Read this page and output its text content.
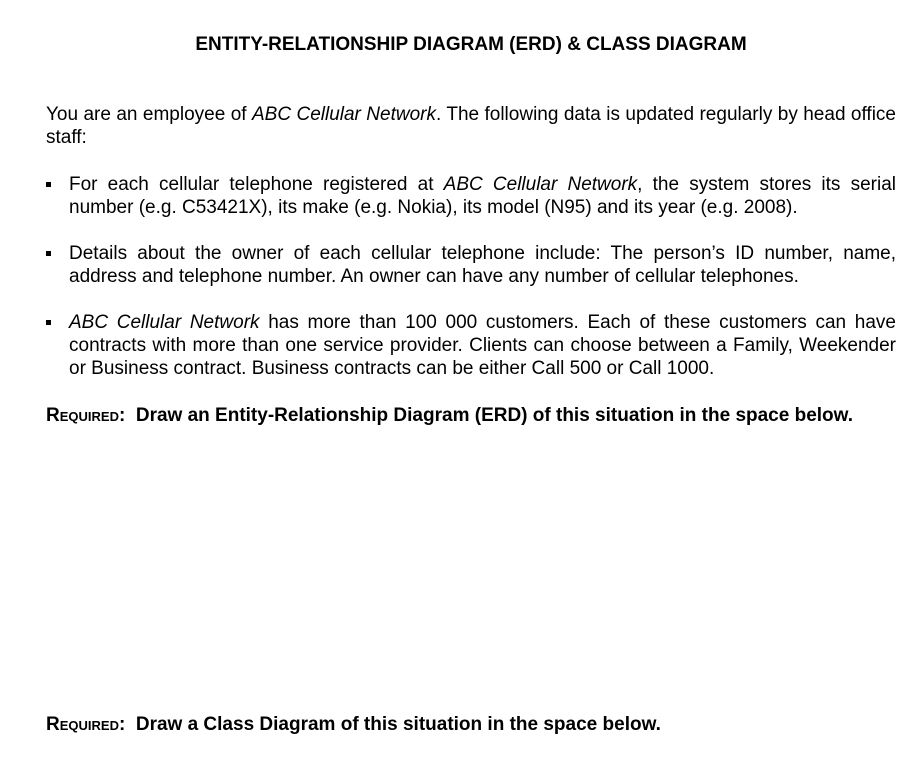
ENTITY-RELATIONSHIP DIAGRAM (ERD) & CLASS DIAGRAM

You are an employee of ABC Cellular Network. The following data is updated regularly by head office staff:

For each cellular telephone registered at ABC Cellular Network, the system stores its serial number (e.g. C53421X), its make (e.g. Nokia), its model (N95) and its year (e.g. 2008).
Details about the owner of each cellular telephone include: The person’s ID number, name, address and telephone number. An owner can have any number of cellular telephones.
ABC Cellular Network has more than 100 000 customers. Each of these customers can have contracts with more than one service provider. Clients can choose between a Family, Weekender or Business contract. Business contracts can be either Call 500 or Call 1000.

Required: Draw an Entity-Relationship Diagram (ERD) of this situation in the space below.

Required: Draw a Class Diagram of this situation in the space below.
